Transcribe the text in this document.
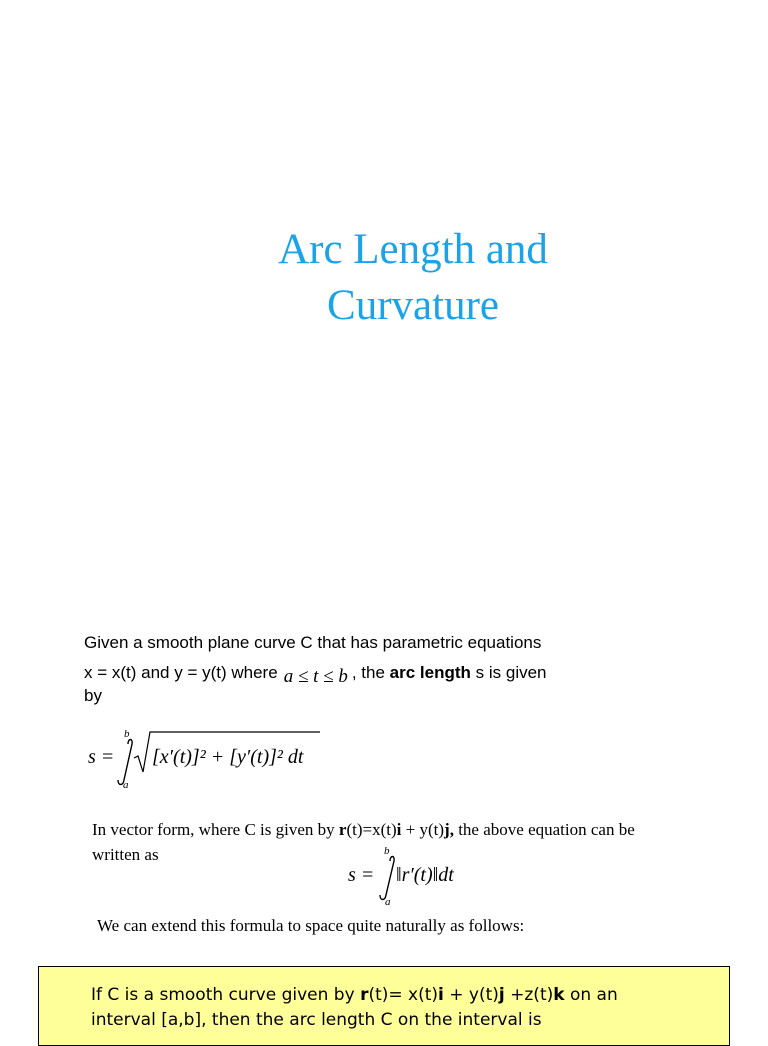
Arc Length and
Curvature
Given a smooth plane curve C that has parametric equations
x = x(t) and y = y(t) where a ≤ t ≤ b , the arc length s is given
by
s =
b
a
[x′(t)]² + [y′(t)]² dt
In vector form, where C is given by r(t)=x(t)i + y(t)j, the above equation can be
written as
s =
b
a
‖r′(t)‖dt
We can extend this formula to space quite naturally as follows:
If C is a smooth curve given by r(t)= x(t)i + y(t)j +z(t)k on an
interval [a,b], then the arc length C on the interval is
